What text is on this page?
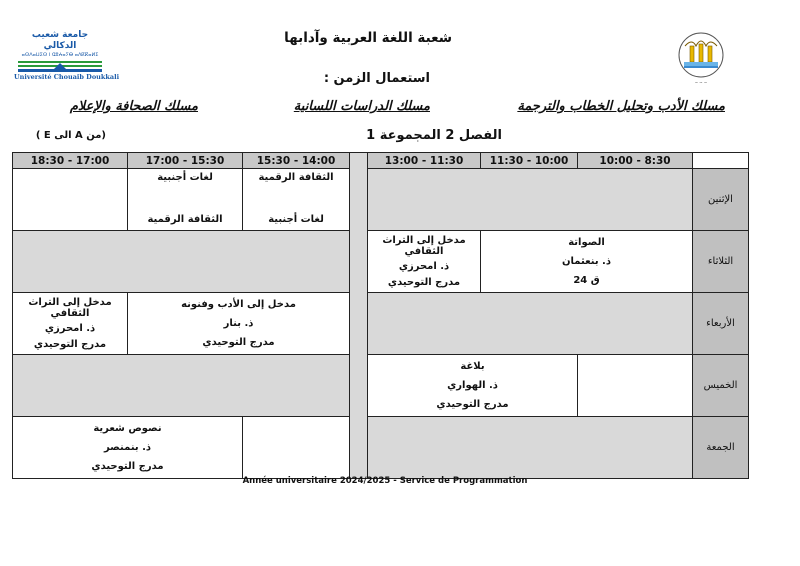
جامعة شعيب الدكالي
ⴰⵙⴷⴰⵡⵉⵙ ⵏ ⵛⵓⵄⴰⵢⴱ ⴰⴷⴽⴽⴰⵍⵉ
Université Chouaib Doukkali
~ ~ ~
شعبة اللغة العربية وآدابها
استعمال الزمن :
مسلك الأدب وتحليل الخطاب والترجمة
مسلك الدراسات اللسانية
مسلك الصحافة والإعلام
الفصل 2 المجموعة 1
(من A الى E )
10:00 - 8:30
11:30 - 10:00
13:00 - 11:30
15:30 - 14:00
17:00 - 15:30
18:30 - 17:00
الإثنين
الثلاثاء
الأربعاء
الخميس
الجمعة
الثقافة الرقمية
لغات أجنبية
لغات أجنبية
الثقافة الرقمية
الصواتة
ذ. بنعثمان
ق 24
مدخل إلى التراث الثقافي
ذ. امحرزي
مدرج التوحيدي
مدخل إلى الأدب وفنونه
ذ. بنار
مدرج التوحيدي
مدخل إلى التراث الثقافي
ذ. امحرزي
مدرج التوحيدي
بلاغة
ذ. الهواري
مدرج التوحيدي
نصوص شعرية
ذ. بنمنصر
مدرج التوحيدي
Année universitaire 2024/2025 - Service de Programmation
